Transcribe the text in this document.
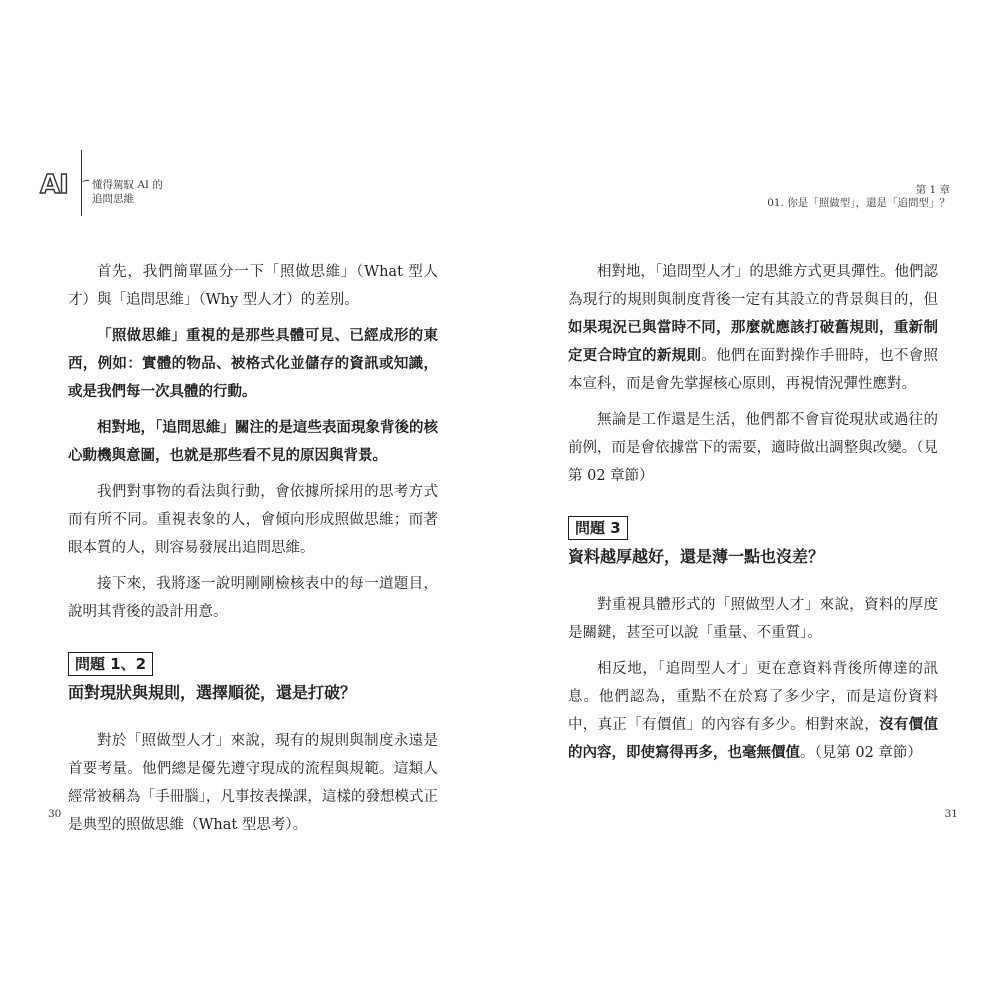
AI 懂得駕馭 AI 的
追問思維
第 1 章
01. 你是「照做型」，還是「追問型」？

首先，我們簡單區分一下「照做思維」（What 型人才）與「追問思維」（Why 型人才）的差別。

「照做思維」重視的是那些具體可見、已經成形的東西，例如：實體的物品、被格式化並儲存的資訊或知識，或是我們每一次具體的行動。

相對地，「追問思維」關注的是這些表面現象背後的核心動機與意圖，也就是那些看不見的原因與背景。

我們對事物的看法與行動，會依據所採用的思考方式而有所不同。重視表象的人，會傾向形成照做思維；而著眼本質的人，則容易發展出追問思維。

接下來，我將逐一說明剛剛檢核表中的每一道題目，說明其背後的設計用意。

問題 1、2
面對現狀與規則，選擇順從，還是打破？

對於「照做型人才」來說，現有的規則與制度永遠是首要考量。他們總是優先遵守現成的流程與規範。這類人經常被稱為「手冊腦」，凡事按表操課，這樣的發想模式正是典型的照做思維（What 型思考）。

相對地，「追問型人才」的思維方式更具彈性。他們認為現行的規則與制度背後一定有其設立的背景與目的，但如果現況已與當時不同，那麼就應該打破舊規則，重新制定更合時宜的新規則。他們在面對操作手冊時，也不會照本宣科，而是會先掌握核心原則，再視情況彈性應對。

無論是工作還是生活，他們都不會盲從現狀或過往的前例，而是會依據當下的需要，適時做出調整與改變。（見第 02 章節）

問題 3
資料越厚越好，還是薄一點也沒差？

對重視具體形式的「照做型人才」來說，資料的厚度是關鍵，甚至可以說「重量、不重質」。

相反地，「追問型人才」更在意資料背後所傳達的訊息。他們認為，重點不在於寫了多少字，而是這份資料中，真正「有價值」的內容有多少。相對來說，沒有價值的內容，即使寫得再多，也毫無價值。（見第 02 章節）

30	31
